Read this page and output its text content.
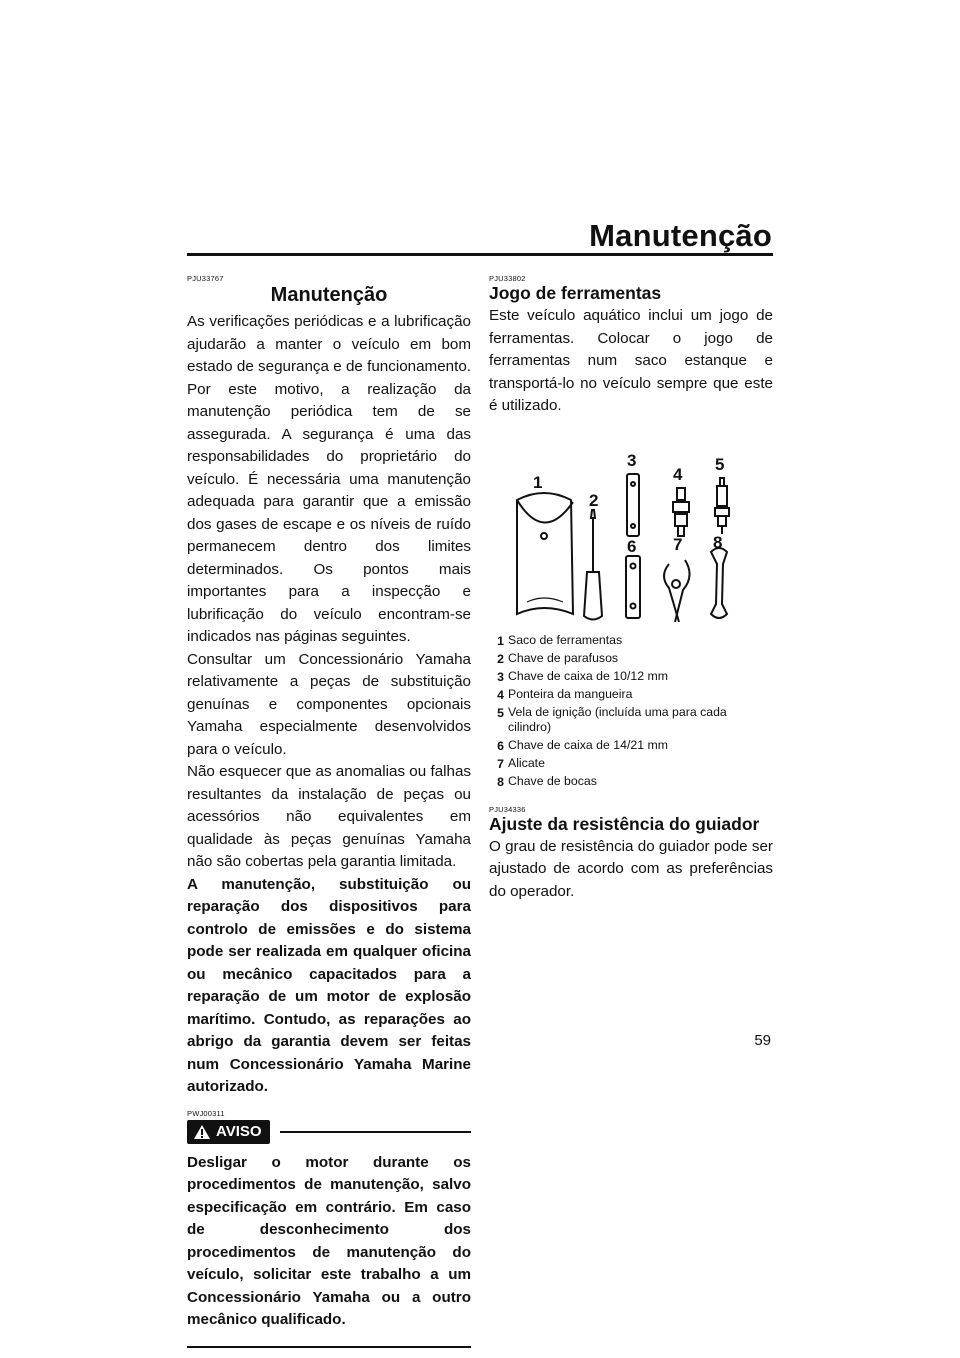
Manutenção
PJU33767
Manutenção

As verificações periódicas e a lubrificação ajudarão a manter o veículo em bom estado de segurança e de funcionamento. Por este motivo, a realização da manutenção periódica tem de se assegurada. A segurança é uma das responsabilidades do proprietário do veículo. É necessária uma manutenção adequada para garantir que a emissão dos gases de escape e os níveis de ruído permanecem dentro dos limites determinados. Os pontos mais importantes para a inspecção e lubrificação do veículo encontram-se indicados nas páginas seguintes.

Consultar um Concessionário Yamaha relativamente a peças de substituição genuínas e componentes opcionais Yamaha especialmente desenvolvidos para o veículo.

Não esquecer que as anomalias ou falhas resultantes da instalação de peças ou acessórios não equivalentes em qualidade às peças genuínas Yamaha não são cobertas pela garantia limitada.

A manutenção, substituição ou reparação dos dispositivos para controlo de emissões e do sistema pode ser realizada em qualquer oficina ou mecânico capacitados para a reparação de um motor de explosão marítimo. Contudo, as reparações ao abrigo da garantia devem ser feitas num Concessionário Yamaha Marine autorizado.

PWJ00311
AVISO

Desligar o motor durante os procedimentos de manutenção, salvo especificação em contrário. Em caso de desconhecimento dos procedimentos de manutenção do veículo, solicitar este trabalho a um Concessionário Yamaha ou a outro mecânico qualificado.

PJU33802
Jogo de ferramentas

Este veículo aquático inclui um jogo de ferramentas. Colocar o jogo de ferramentas num saco estanque e transportá-lo no veículo sempre que este é utilizado.

1
2
3
4
5
6 7 8
1 Saco de ferramentas
2 Chave de parafusos
3 Chave de caixa de 10/12 mm
4 Ponteira da mangueira
5 Vela de ignição (incluída uma para cada cilindro)
6 Chave de caixa de 14/21 mm
7 Alicate
8 Chave de bocas
PJU34336
Ajuste da resistência do guiador

O grau de resistência do guiador pode ser ajustado de acordo com as preferências do operador.

59
